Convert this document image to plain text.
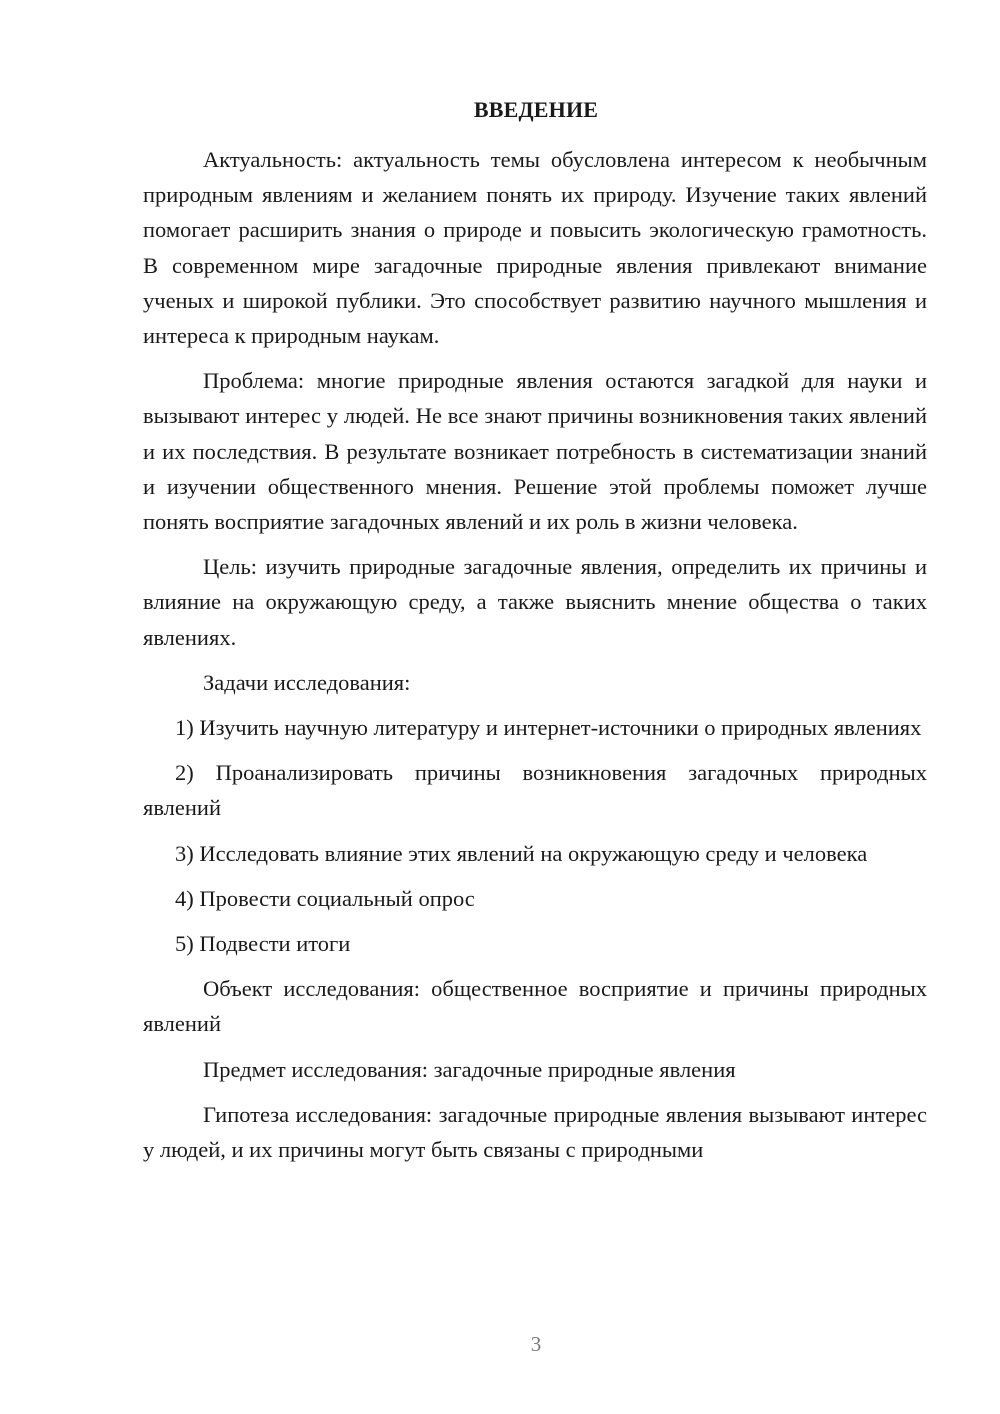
ВВЕДЕНИЕ

Актуальность: актуальность темы обусловлена интересом к необычным природным явлениям и желанием понять их природу. Изучение таких явлений помогает расширить знания о природе и повысить экологическую грамотность. В современном мире загадочные природные явления привлекают внимание ученых и широкой публики. Это способствует развитию научного мышления и интереса к природным наукам.

Проблема: многие природные явления остаются загадкой для науки и вызывают интерес у людей. Не все знают причины возникновения таких явлений и их последствия. В результате возникает потребность в систематизации знаний и изучении общественного мнения. Решение этой проблемы поможет лучше понять восприятие загадочных явлений и их роль в жизни человека.

Цель: изучить природные загадочные явления, определить их причины и влияние на окружающую среду, а также выяснить мнение общества о таких явлениях.

Задачи исследования:

1) Изучить научную литературу и интернет-источники о природных явлениях

2) Проанализировать причины возникновения загадочных природных явлений

3) Исследовать влияние этих явлений на окружающую среду и человека

4) Провести социальный опрос

5) Подвести итоги

Объект исследования: общественное восприятие и причины природных явлений

Предмет исследования: загадочные природные явления

Гипотеза исследования: загадочные природные явления вызывают интерес у людей, и их причины могут быть связаны с природными

3
